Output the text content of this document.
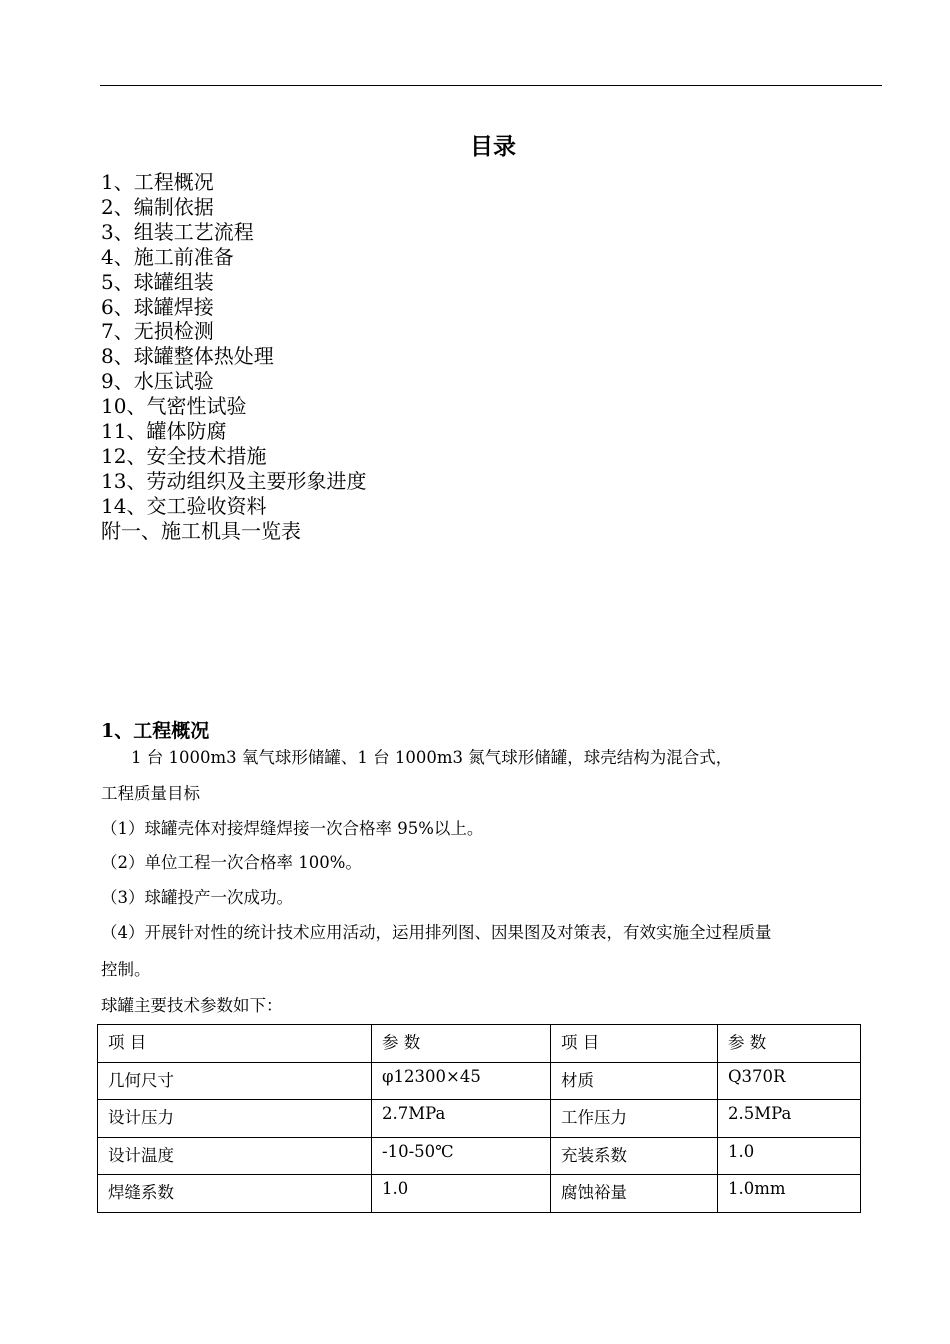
目录
1、工程概况
2、编制依据
3、组装工艺流程
4、施工前准备
5、球罐组装
6、球罐焊接
7、无损检测
8、球罐整体热处理
9、水压试验
10、气密性试验
11、罐体防腐
12、安全技术措施
13、劳动组织及主要形象进度
14、交工验收资料
附一、施工机具一览表
1、工程概况
1 台 1000m3 氧气球形储罐、1 台 1000m3 氮气球形储罐，球壳结构为混合式，
工程质量目标
（1）球罐壳体对接焊缝焊接一次合格率 95%以上。
（2）单位工程一次合格率 100%。
（3）球罐投产一次成功。
（4）开展针对性的统计技术应用活动，运用排列图、因果图及对策表，有效实施全过程质量
控制。
球罐主要技术参数如下：
项 目	参 数	项 目	参 数
几何尺寸	φ12300×45	材质	Q370R
设计压力	2.7MPa	工作压力	2.5MPa
设计温度	-10-50℃	充装系数	1.0
焊缝系数	1.0	腐蚀裕量	1.0mm
